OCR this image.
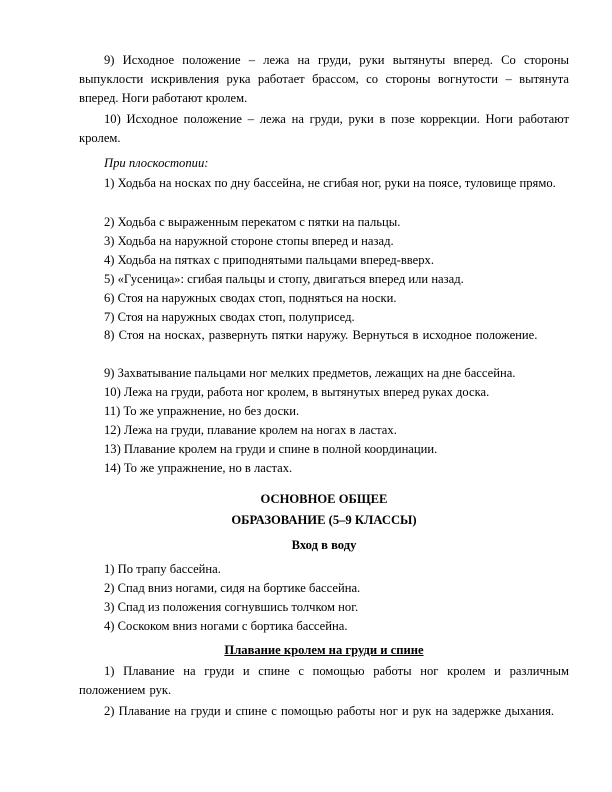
9) Исходное положение – лежа на груди, руки вытянуты вперед. Со стороны выпуклости искривления рука работает брассом, со стороны вогнутости – вытянута вперед. Ноги работают кролем.

10) Исходное положение – лежа на груди, руки в позе коррекции. Ноги работают кролем.

При плоскостопии:

1) Ходьба на носках по дну бассейна, не сгибая ног, руки на поясе, туловище прямо.

2) Ходьба с выраженным перекатом с пятки на пальцы.

3) Ходьба на наружной стороне стопы вперед и назад.

4) Ходьба на пятках с приподнятыми пальцами вперед-вверх.

5) «Гусеница»: сгибая пальцы и стопу, двигаться вперед или назад.

6) Стоя на наружных сводах стоп, подняться на носки.

7) Стоя на наружных сводах стоп, полуприсед.

8) Стоя на носках, развернуть пятки наружу. Вернуться в исходное положение.

9) Захватывание пальцами ног мелких предметов, лежащих на дне бассейна.

10) Лежа на груди, работа ног кролем, в вытянутых вперед руках доска.

11) То же упражнение, но без доски.

12) Лежа на груди, плавание кролем на ногах в ластах.

13) Плавание кролем на груди и спине в полной координации.

14) То же упражнение, но в ластах.

ОСНОВНОЕ ОБЩЕЕ

ОБРАЗОВАНИЕ (5–9 КЛАССЫ)

Вход в воду

1) По трапу бассейна.

2) Спад вниз ногами, сидя на бортике бассейна.

3) Спад из положения согнувшись толчком ног.

4) Соскоком вниз ногами с бортика бассейна.

Плавание кролем на груди и спине

1) Плавание на груди и спине с помощью работы ног кролем и различным положением рук.

2) Плавание на груди и спине с помощью работы ног и рук на задержке дыхания.
